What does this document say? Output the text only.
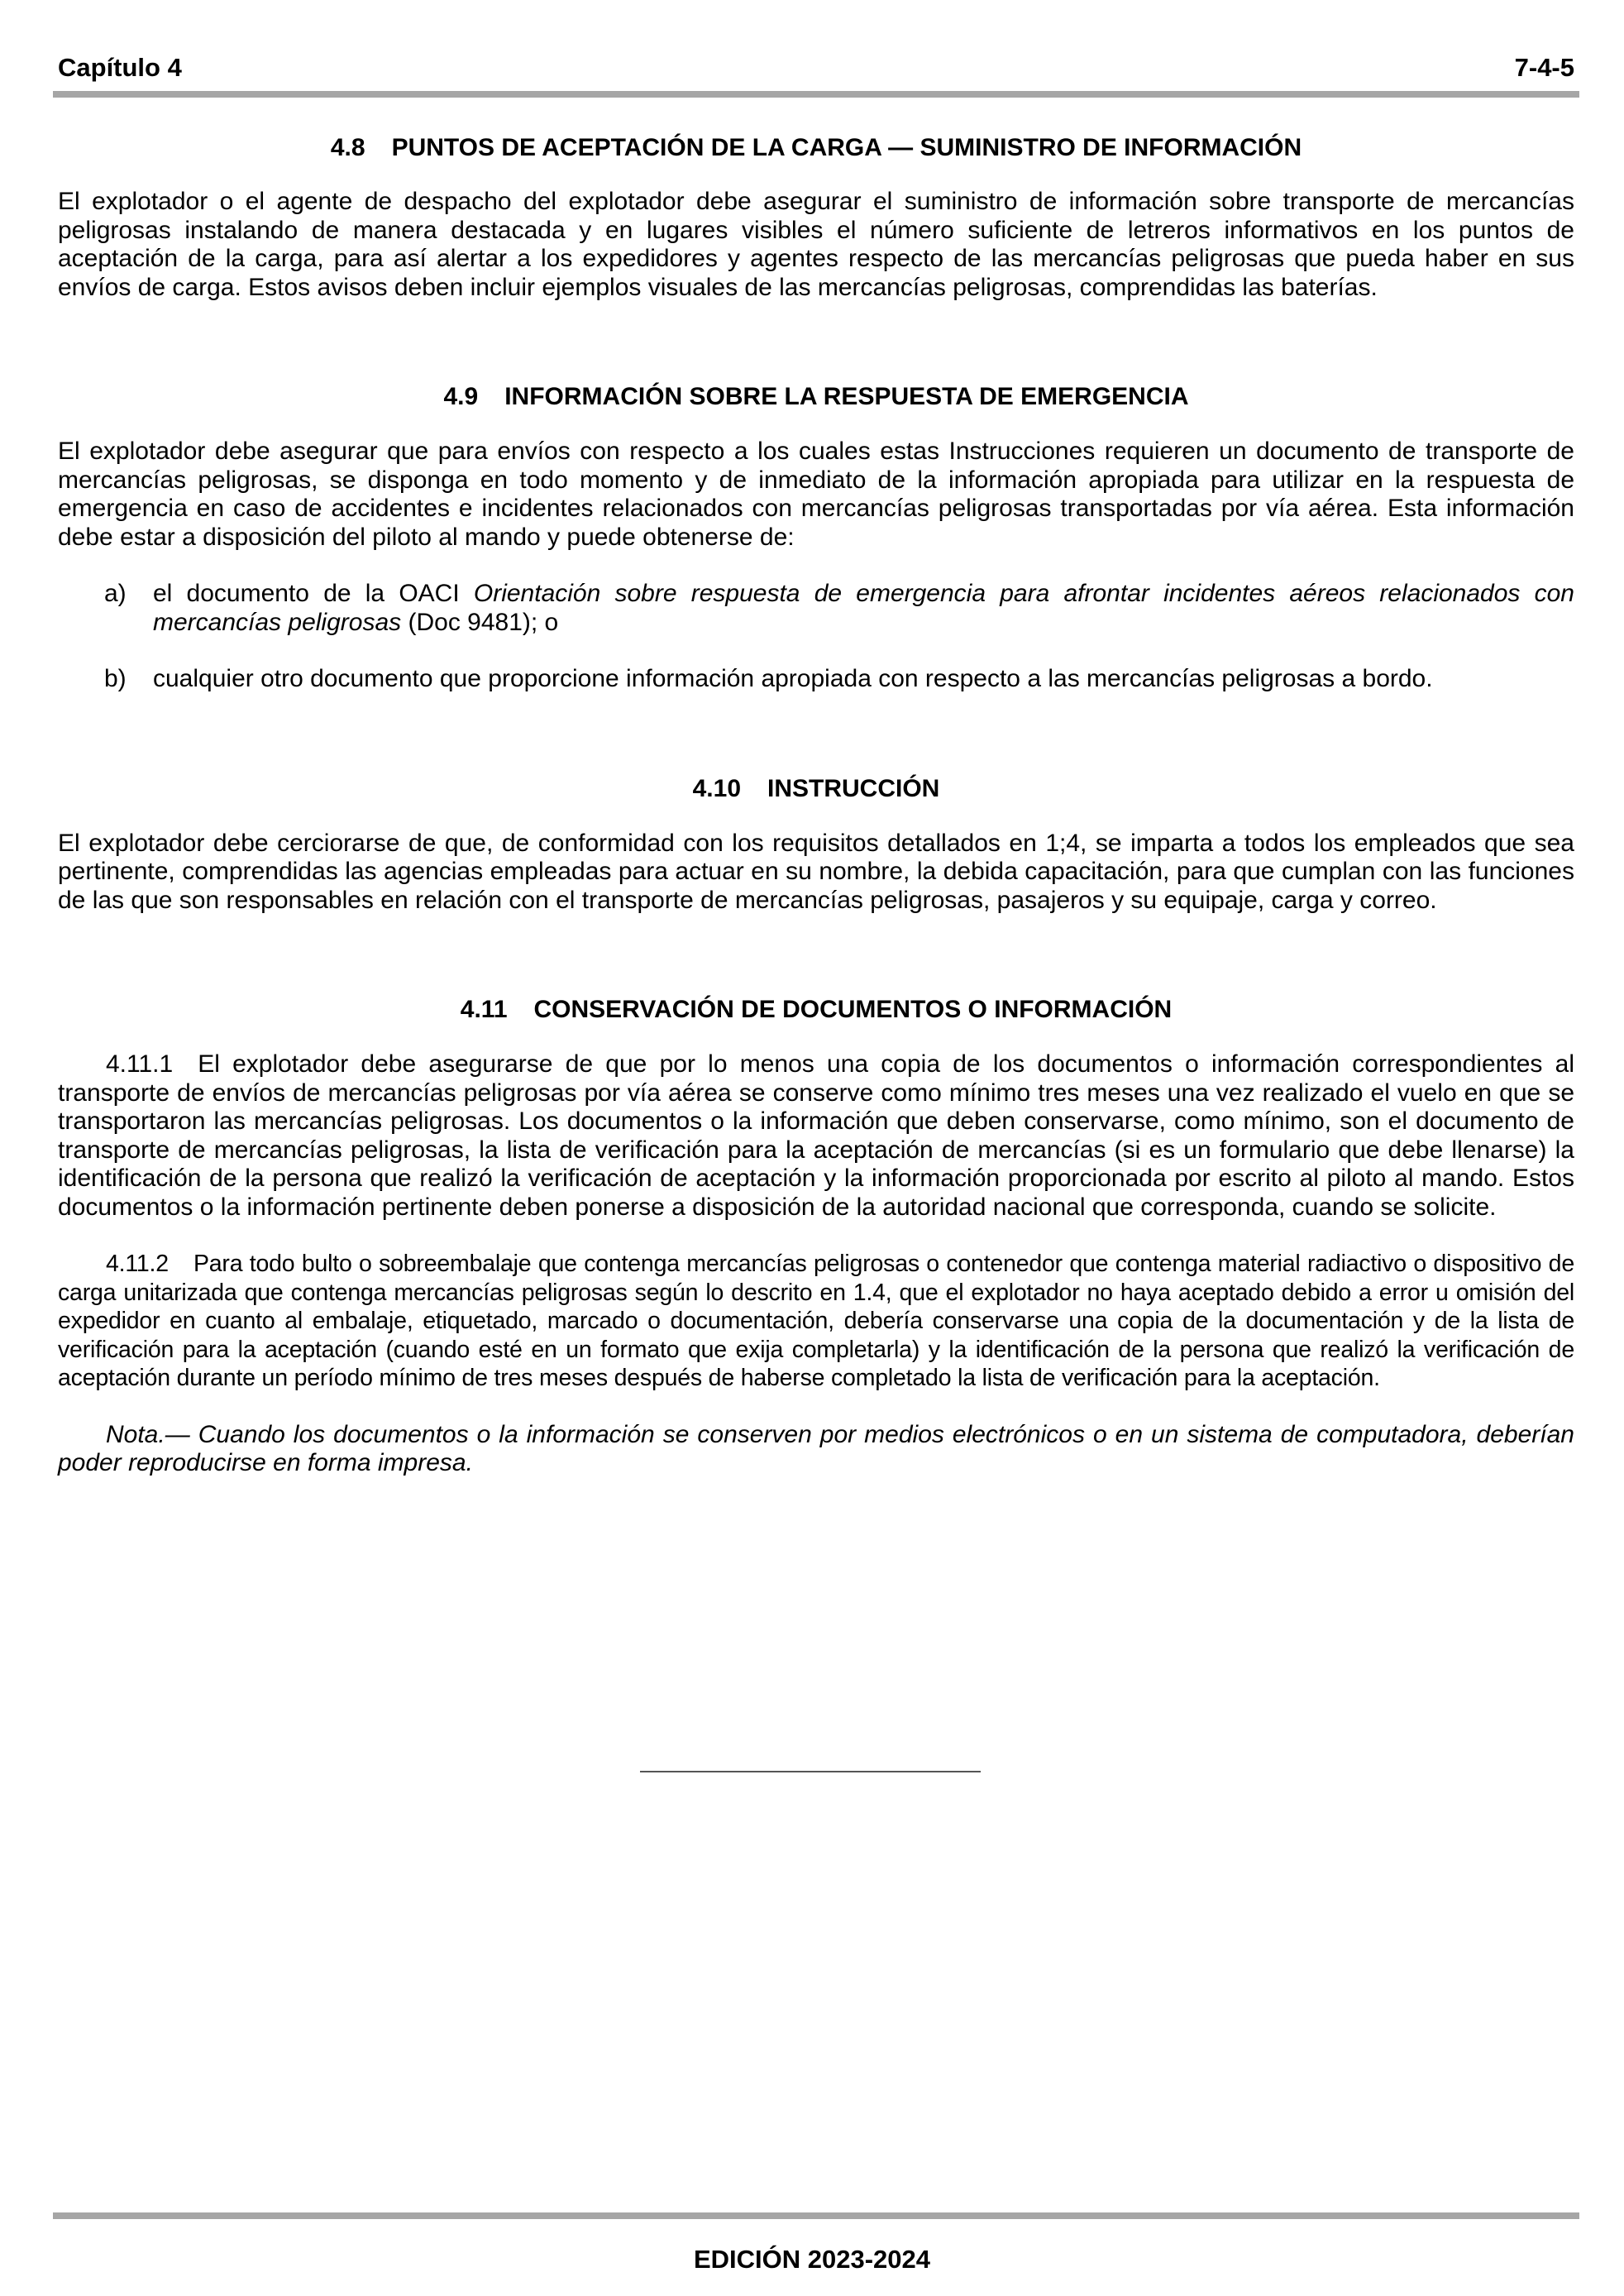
Capítulo 4	7-4-5
4.8 PUNTOS DE ACEPTACIÓN DE LA CARGA — SUMINISTRO DE INFORMACIÓN

El explotador o el agente de despacho del explotador debe asegurar el suministro de información sobre transporte de mercancías peligrosas instalando de manera destacada y en lugares visibles el número suficiente de letreros informativos en los puntos de aceptación de la carga, para así alertar a los expedidores y agentes respecto de las mercancías peligrosas que pueda haber en sus envíos de carga. Estos avisos deben incluir ejemplos visuales de las mercancías peligrosas, comprendidas las baterías.

4.9 INFORMACIÓN SOBRE LA RESPUESTA DE EMERGENCIA

El explotador debe asegurar que para envíos con respecto a los cuales estas Instrucciones requieren un documento de transporte de mercancías peligrosas, se disponga en todo momento y de inmediato de la información apropiada para utilizar en la respuesta de emergencia en caso de accidentes e incidentes relacionados con mercancías peligrosas transportadas por vía aérea. Esta información debe estar a disposición del piloto al mando y puede obtenerse de:

a) el documento de la OACI Orientación sobre respuesta de emergencia para afrontar incidentes aéreos relacionados con mercancías peligrosas (Doc 9481); o

b) cualquier otro documento que proporcione información apropiada con respecto a las mercancías peligrosas a bordo.

4.10 INSTRUCCIÓN

El explotador debe cerciorarse de que, de conformidad con los requisitos detallados en 1;4, se imparta a todos los empleados que sea pertinente, comprendidas las agencias empleadas para actuar en su nombre, la debida capacitación, para que cumplan con las funciones de las que son responsables en relación con el transporte de mercancías peligrosas, pasajeros y su equipaje, carga y correo.

4.11 CONSERVACIÓN DE DOCUMENTOS O INFORMACIÓN

4.11.1 El explotador debe asegurarse de que por lo menos una copia de los documentos o información correspondientes al transporte de envíos de mercancías peligrosas por vía aérea se conserve como mínimo tres meses una vez realizado el vuelo en que se transportaron las mercancías peligrosas. Los documentos o la información que deben conservarse, como mínimo, son el documento de transporte de mercancías peligrosas, la lista de verificación para la aceptación de mercancías (si es un formulario que debe llenarse) la identificación de la persona que realizó la verificación de aceptación y la información proporcionada por escrito al piloto al mando. Estos documentos o la información pertinente deben ponerse a disposición de la autoridad nacional que corresponda, cuando se solicite.

4.11.2 Para todo bulto o sobreembalaje que contenga mercancías peligrosas o contenedor que contenga material radiactivo o dispositivo de carga unitarizada que contenga mercancías peligrosas según lo descrito en 1.4, que el explotador no haya aceptado debido a error u omisión del expedidor en cuanto al embalaje, etiquetado, marcado o documentación, debería conservarse una copia de la documentación y de la lista de verificación para la aceptación (cuando esté en un formato que exija completarla) y la identificación de la persona que realizó la verificación de aceptación durante un período mínimo de tres meses después de haberse completado la lista de verificación para la aceptación.

Nota.— Cuando los documentos o la información se conserven por medios electrónicos o en un sistema de computadora, deberían poder reproducirse en forma impresa.

EDICIÓN 2023-2024
